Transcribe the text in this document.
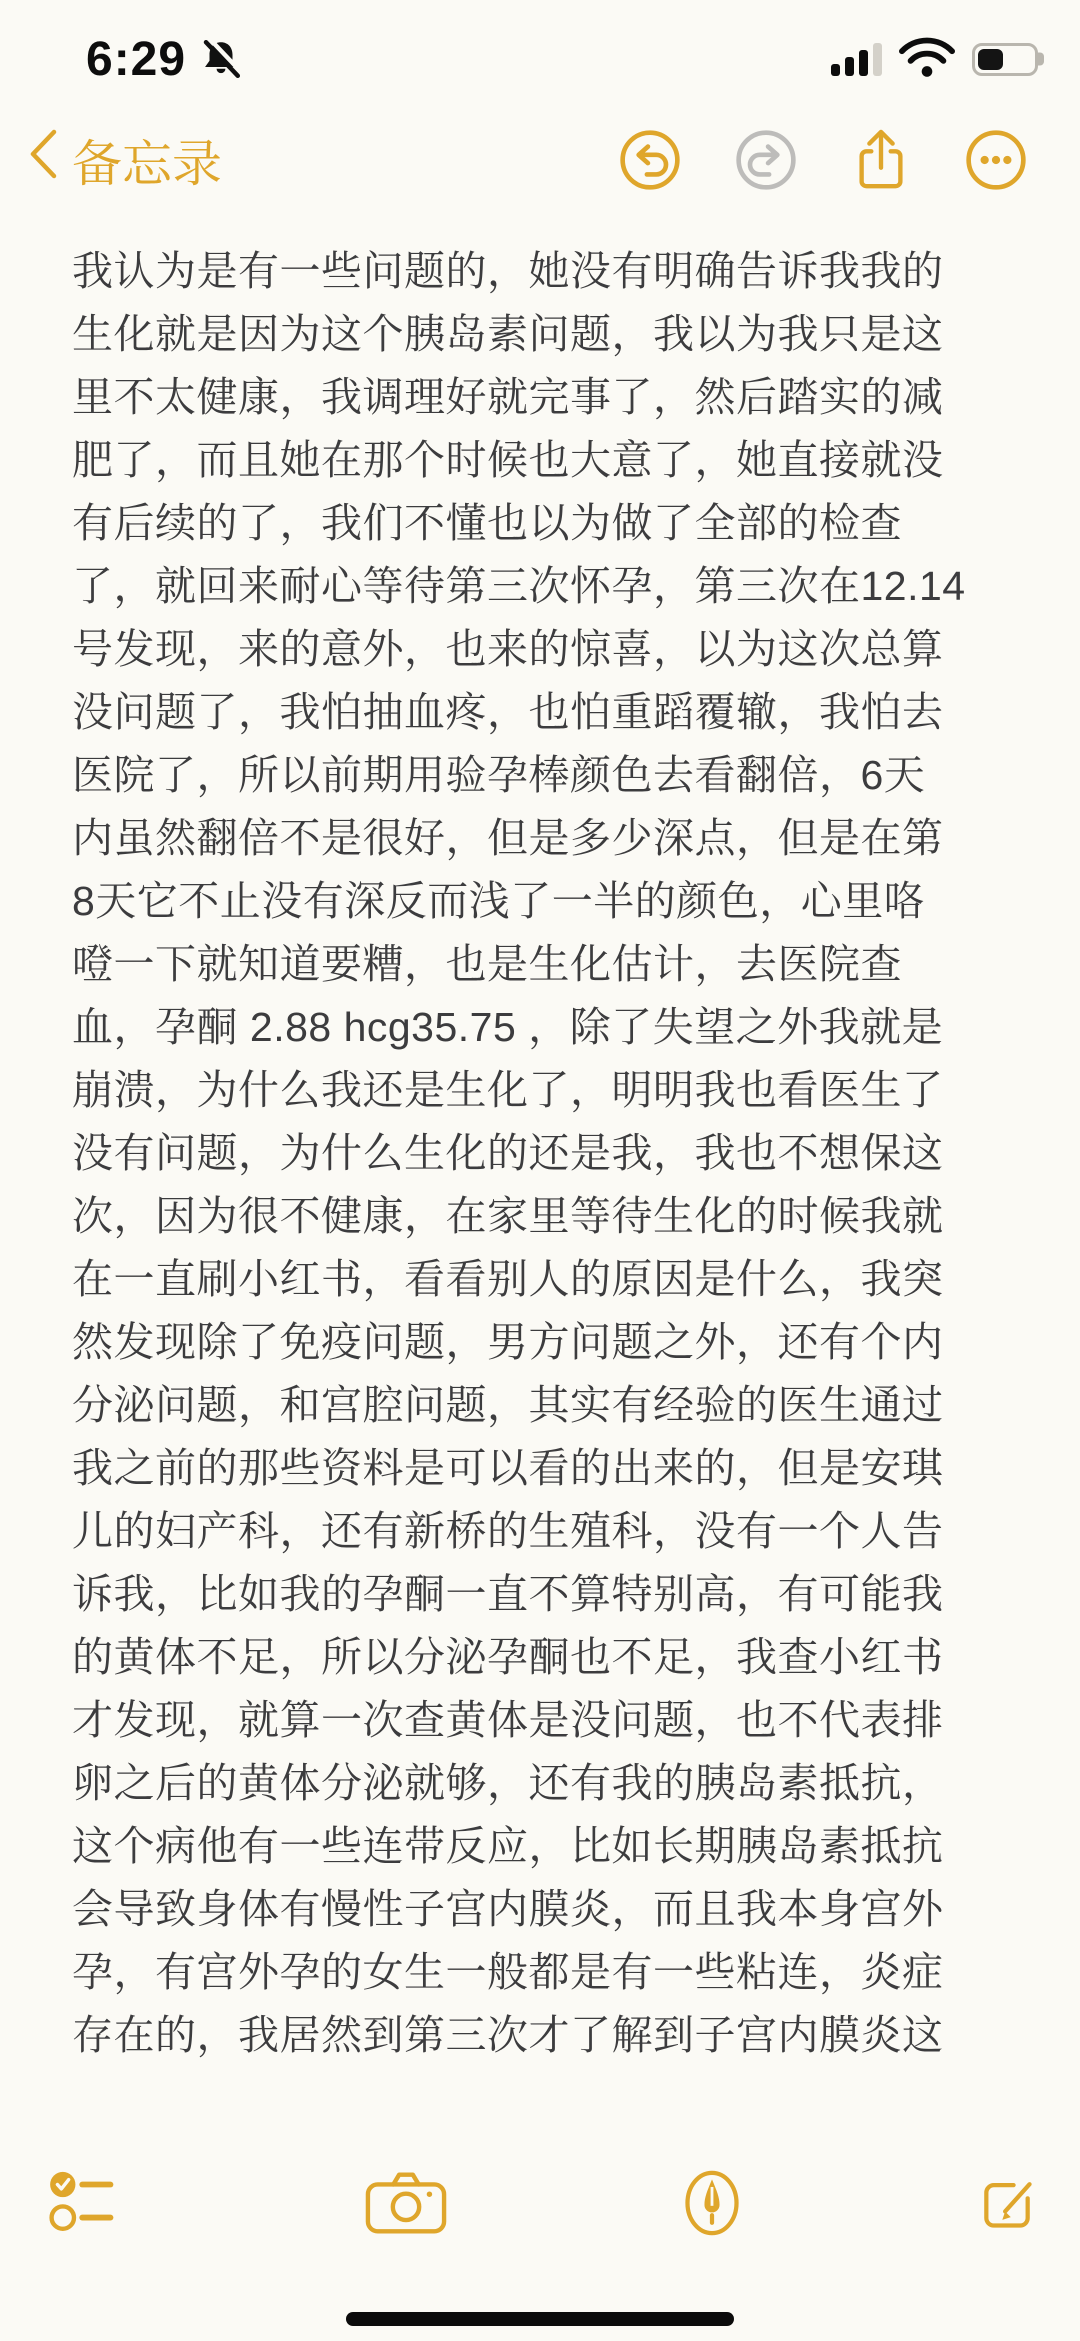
6:29
备忘录
我认为是有一些问题的，她没有明确告诉我我的
生化就是因为这个胰岛素问题，我以为我只是这
里不太健康，我调理好就完事了，然后踏实的减
肥了，而且她在那个时候也大意了，她直接就没
有后续的了，我们不懂也以为做了全部的检查
了，就回来耐心等待第三次怀孕，第三次在12.14
号发现，来的意外，也来的惊喜，以为这次总算
没问题了，我怕抽血疼，也怕重蹈覆辙，我怕去
医院了，所以前期用验孕棒颜色去看翻倍，6天
内虽然翻倍不是很好，但是多少深点，但是在第
8天它不止没有深反而浅了一半的颜色，心里咯
噔一下就知道要糟，也是生化估计，去医院查
血，孕酮 2.88 hcg35.75 ，除了失望之外我就是
崩溃，为什么我还是生化了，明明我也看医生了
没有问题，为什么生化的还是我，我也不想保这
次，因为很不健康，在家里等待生化的时候我就
在一直刷小红书，看看别人的原因是什么，我突
然发现除了免疫问题，男方问题之外，还有个内
分泌问题，和宫腔问题，其实有经验的医生通过
我之前的那些资料是可以看的出来的，但是安琪
儿的妇产科，还有新桥的生殖科，没有一个人告
诉我，比如我的孕酮一直不算特别高，有可能我
的黄体不足，所以分泌孕酮也不足，我查小红书
才发现，就算一次查黄体是没问题，也不代表排
卵之后的黄体分泌就够，还有我的胰岛素抵抗，
这个病他有一些连带反应，比如长期胰岛素抵抗
会导致身体有慢性子宫内膜炎，而且我本身宫外
孕，有宫外孕的女生一般都是有一些粘连，炎症
存在的，我居然到第三次才了解到子宫内膜炎这
